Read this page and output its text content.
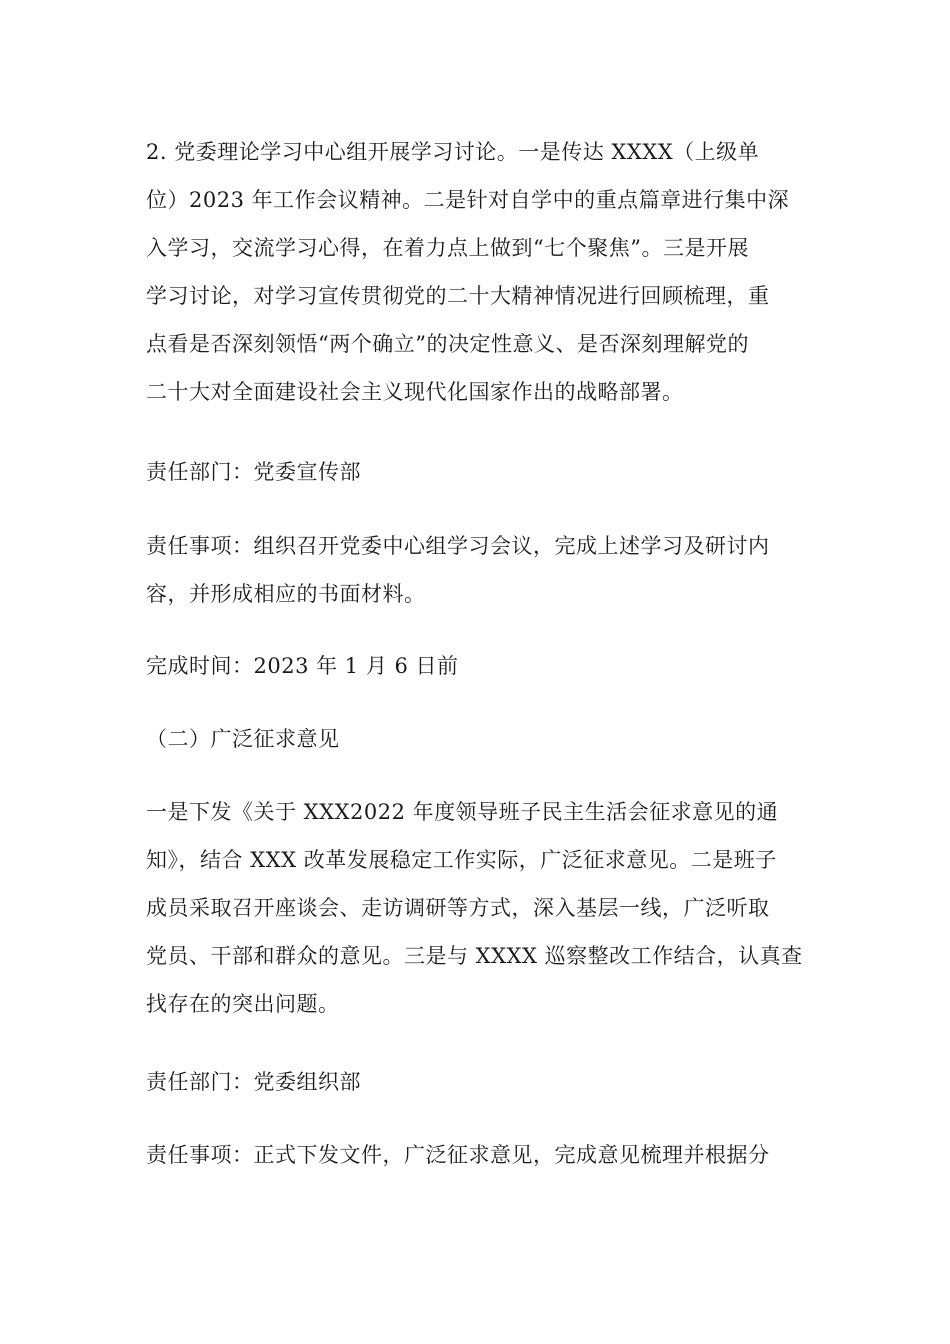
2. 党委理论学习中心组开展学习讨论。一是传达 XXXX（上级单
位）2023 年工作会议精神。二是针对自学中的重点篇章进行集中深
入学习，交流学习心得，在着力点上做到“七个聚焦”。三是开展
学习讨论，对学习宣传贯彻党的二十大精神情况进行回顾梳理，重
点看是否深刻领悟“两个确立”的决定性意义、是否深刻理解党的
二十大对全面建设社会主义现代化国家作出的战略部署。

责任部门：党委宣传部

责任事项：组织召开党委中心组学习会议，完成上述学习及研讨内
容，并形成相应的书面材料。

完成时间：2023 年 1 月 6 日前

（二）广泛征求意见

一是下发《关于 XXX2022 年度领导班子民主生活会征求意见的通
知》，结合 XXX 改革发展稳定工作实际，广泛征求意见。二是班子
成员采取召开座谈会、走访调研等方式，深入基层一线，广泛听取
党员、干部和群众的意见。三是与 XXXX 巡察整改工作结合，认真查
找存在的突出问题。

责任部门：党委组织部

责任事项：正式下发文件，广泛征求意见，完成意见梳理并根据分
